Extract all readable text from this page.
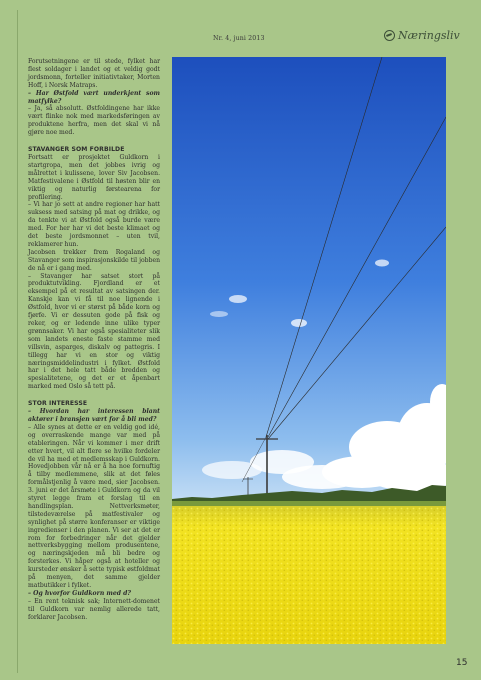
Nr. 4, juni 2013	Næringsliv

Forutsetningene er til stede, fylket har flest soldager i landet og et veldig godt jordsmonn, forteller initiativtaker, Morten Hoff, i Norsk Matraps.

– Har Østfold vært underkjent som matfylke?

– Ja, så absolutt. Østfoldingene har ikke vært flinke nok med markedsføringen av produktene herfra, men det skal vi nå gjøre noe med.

STAVANGER SOM FORBILDE

Fortsatt er prosjektet Guldkorn i startgropa, men det jobbes ivrig og målrettet i kulissene, lover Siv Jacobsen. Matfestivalene i Østfold til høsten blir en viktig og naturlig førstearena for profilering.

– Vi har jo sett at andre regioner har hatt suksess med satsing på mat og drikke, og da tenkte vi at Østfold også burde være med. For her har vi det beste klimaet og det beste jordsmonnet – uten tvil, reklamerer hun.

Jacobsen trekker frem Rogaland og Stavanger som inspirasjonskilde til jobben de nå er i gang med.

– Stavanger har satset stort på produktutvikling. Fjordland er et eksempel på et resultat av satsingen der. Kanskje kan vi få til noe lignende i Østfold, hvor vi er størst på både korn og fjørfe. Vi er dessuten gode på fisk og reker, og er ledende inne ulike typer grønnsaker. Vi har også spesialiteter slik som landets eneste faste stamme med villsvin, asparges, diskalv og pattegris. I tillegg har vi en stor og viktig næringsmiddelindustri i fylket. Østfold har i det hele tatt både bredden og spesialitetene, og det er et åpenbart marked med Oslo så tett på.

STOR INTERESSE

– Hvordan har interessen blant aktører i bransjen vært for å bli med?

– Alle synes at dette er en veldig god idé, og overraskende mange var med på etableringen. Når vi kommer i mer drift etter hvert, vil alt flere se hvilke fordeler de vil ha med et medlemsskap i Guldkorn. Hovedjobben vår nå er å ha noe fornuftig å tilby medlemmene, slik at det føles formålstjenlig å være med, sier Jacobsen. 3. juni er det årsmøte i Guldkorn og da vil styret legge fram et forslag til en handlingsplan. Nettverksmøter, tilstedeværelse på matfestivaler og synlighet på større konferanser er viktige ingredienser i den planen. Vi ser at det er rom for forbedringer når det gjelder nettverksbygging mellom produsentene, og næringskjeden må bli bedre og forsterkes. Vi håper også at hoteller og kursteder ønsker å sette typisk østfoldmat på menyen, det samme gjelder matbutikker i fylket.

– Og hvorfor Guldkorn med d?

– En rent teknisk sak; Internett-domenet til Guldkorn var nemlig allerede tatt, forklarer Jacobsen.

15
